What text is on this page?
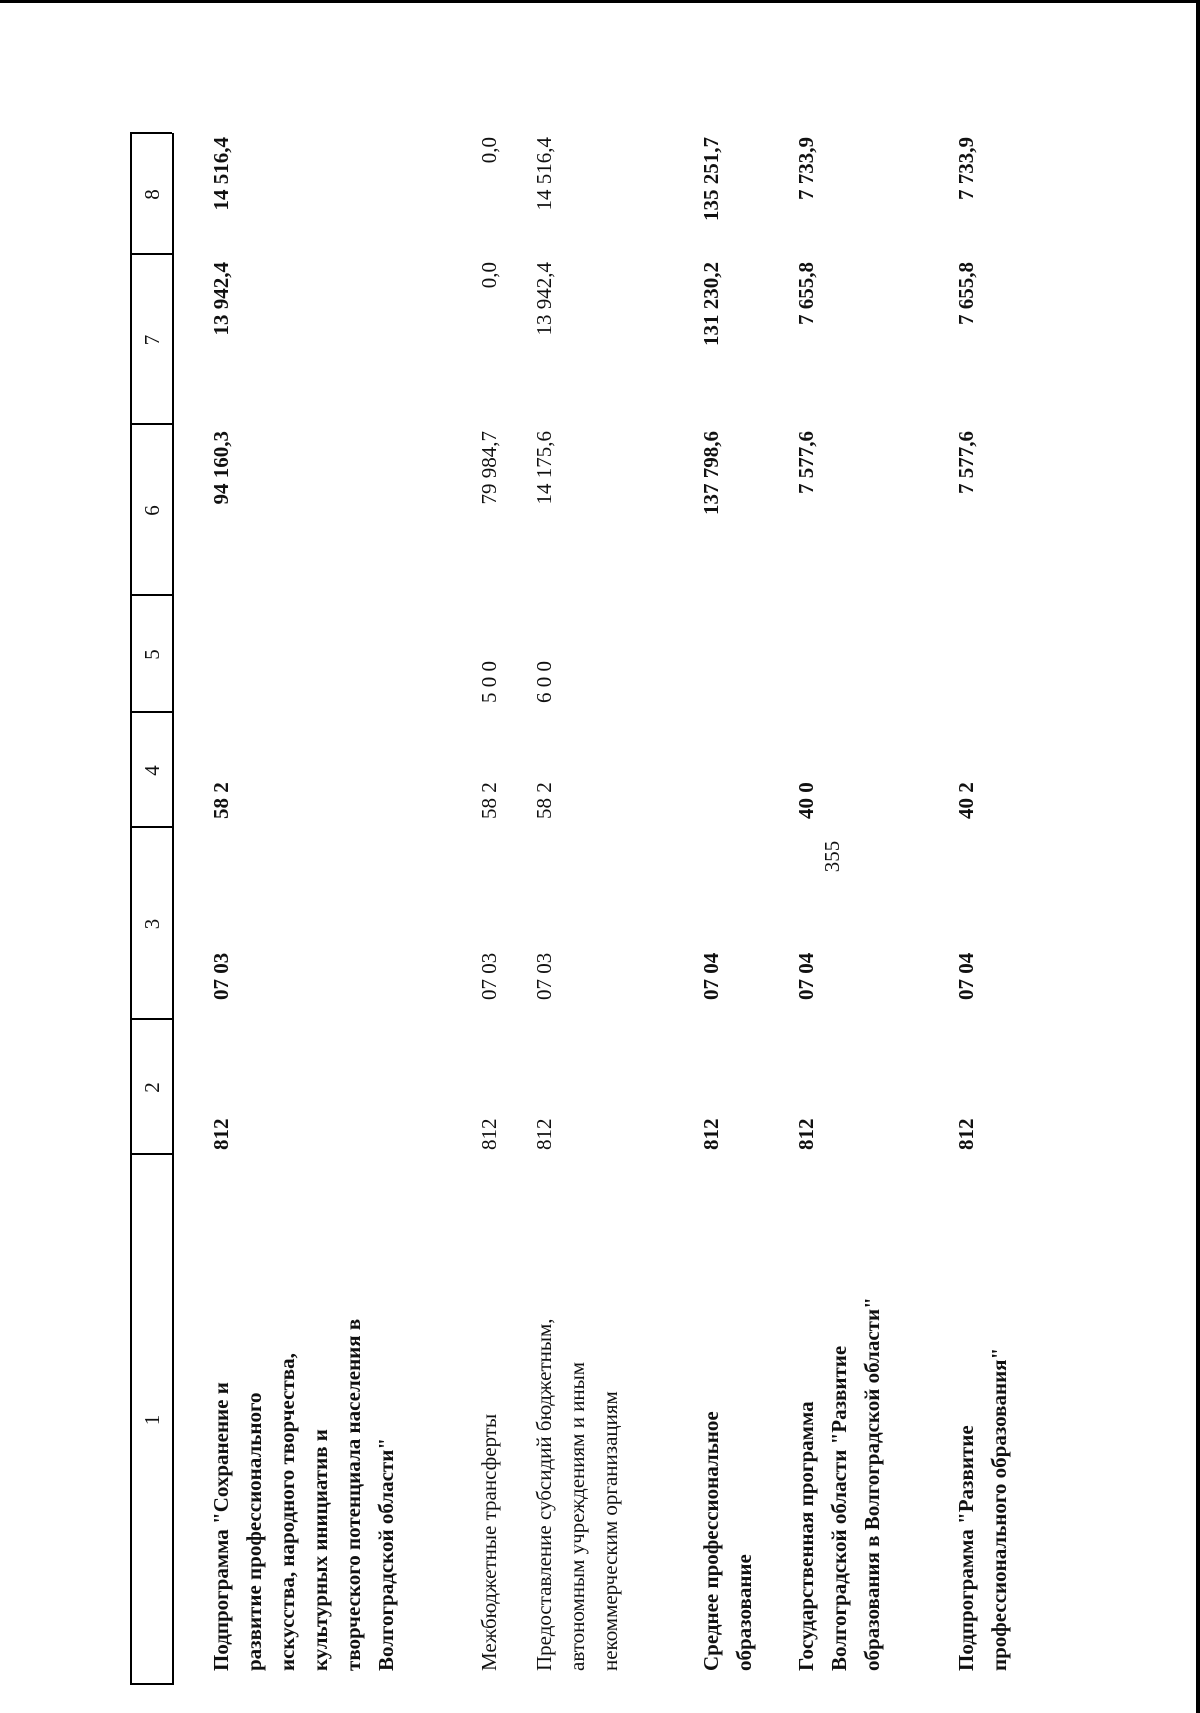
355
1
2
3
4
5
6
7
8
Подпрограмма "Сохранение и развитие профессионального искусства, народного творчества, культурных инициатив и творческого потенциала населения в Волгоградской области"
812
07 03
58 2
94 160,3
13 942,4
14 516,4
Межбюджетные трансферты
812
07 03
58 2
5 0 0
79 984,7
0,0
0,0
Предоставление субсидий бюджетным, автономным учреждениям и иным некоммерческим организациям
812
07 03
58 2
6 0 0
14 175,6
13 942,4
14 516,4
Среднее профессиональное образование
812
07 04
137 798,6
131 230,2
135 251,7
Государственная программа Волгоградской области "Развитие образования в Волгоградской области"
812
07 04
40 0
7 577,6
7 655,8
7 733,9
Подпрограмма "Развитие профессионального образования"
812
07 04
40 2
7 577,6
7 655,8
7 733,9
